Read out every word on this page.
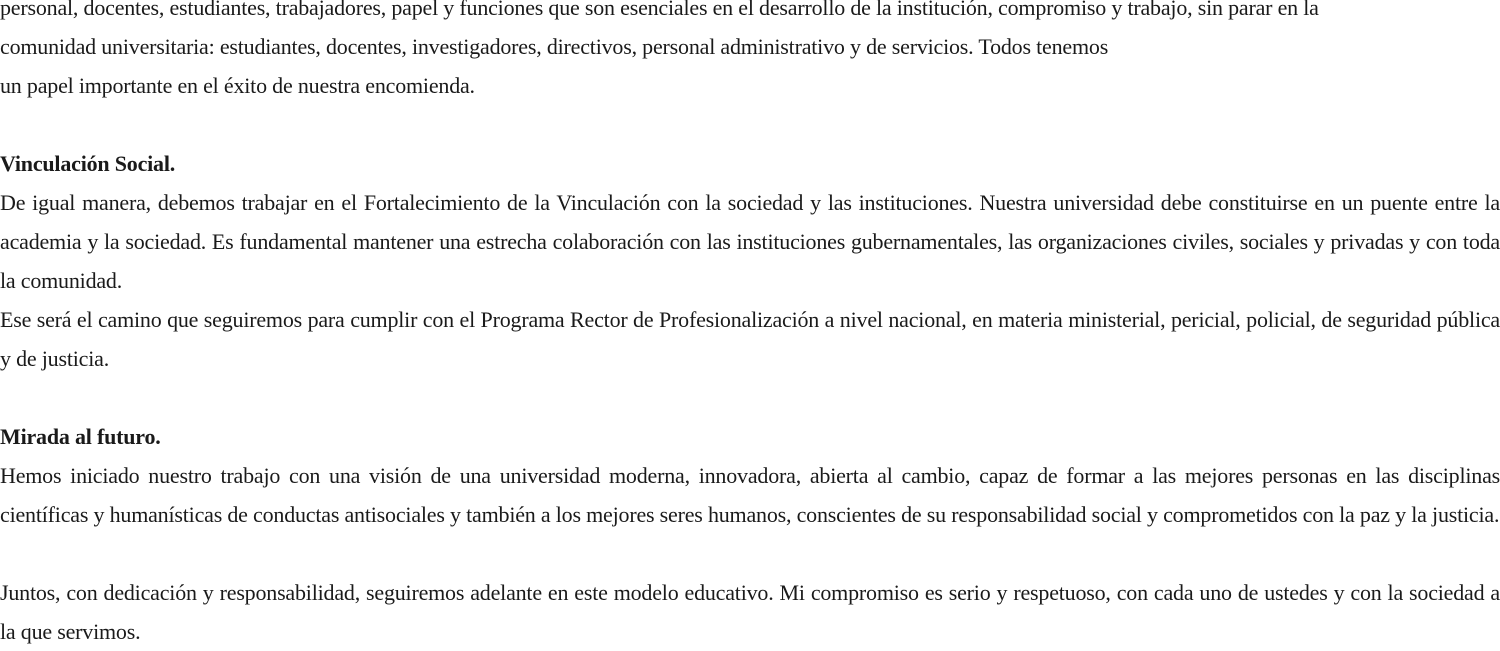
personal, docentes, estudiantes, trabajadores, papel y funciones que son esenciales en el desarrollo de la institución, compromiso y trabajo, sin parar en la
comunidad universitaria: estudiantes, docentes, investigadores, directivos, personal administrativo y de servicios. Todos tenemos
un papel importante en el éxito de nuestra encomienda.

Vinculación Social.

De igual manera, debemos trabajar en el Fortalecimiento de la Vinculación con la sociedad y las instituciones. Nuestra universidad debe constituirse en un puente entre la academia y la sociedad. Es fundamental mantener una estrecha colaboración con las instituciones gubernamentales, las organizaciones civiles, sociales y privadas y con toda la comunidad.

Ese será el camino que seguiremos para cumplir con el Programa Rector de Profesionalización a nivel nacional, en materia ministerial, pericial, policial, de seguridad pública y de justicia.

Mirada al futuro.

Hemos iniciado nuestro trabajo con una visión de una universidad moderna, innovadora, abierta al cambio, capaz de formar a las mejores personas en las disciplinas científicas y humanísticas de conductas antisociales y también a los mejores seres humanos, conscientes de su responsabilidad social y comprometidos con la paz y la justicia.

Juntos, con dedicación y responsabilidad, seguiremos adelante en este modelo educativo. Mi compromiso es serio y respetuoso, con cada uno de ustedes y con la sociedad a la que servimos.
